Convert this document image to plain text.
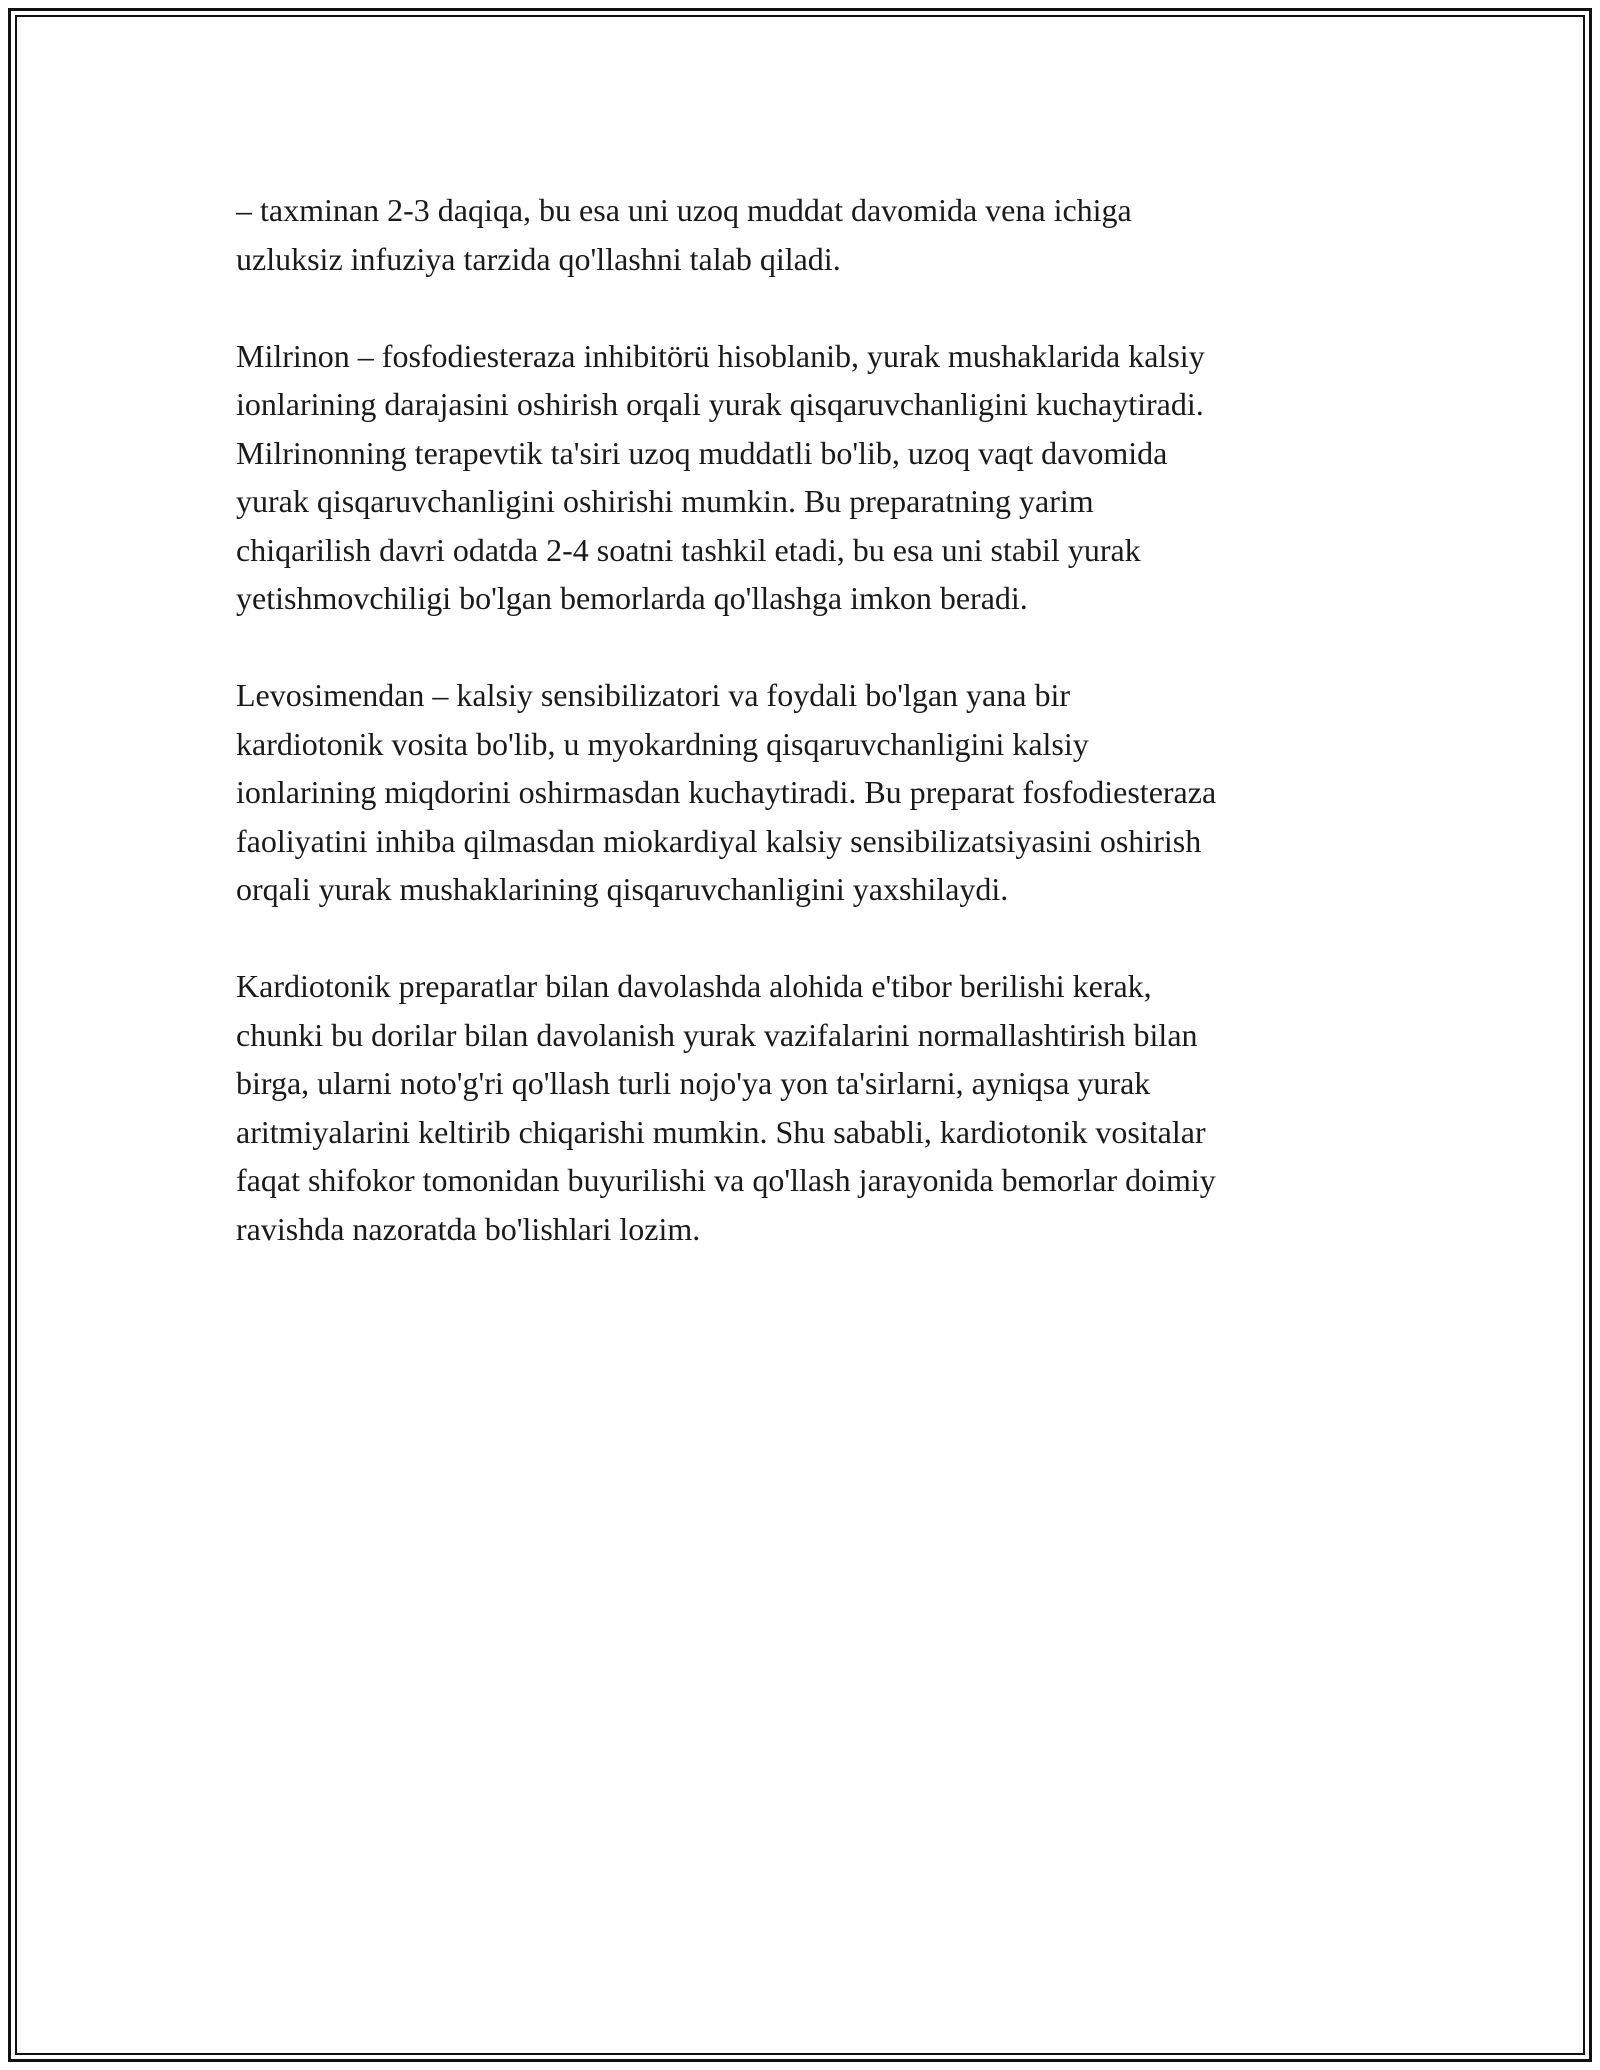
– taxminan 2-3 daqiqa, bu esa uni uzoq muddat davomida vena ichiga
uzluksiz infuziya tarzida qo'llashni talab qiladi.

Milrinon – fosfodiesteraza inhibitörü hisoblanib, yurak mushaklarida kalsiy
ionlarining darajasini oshirish orqali yurak qisqaruvchanligini kuchaytiradi.
Milrinonning terapevtik ta'siri uzoq muddatli bo'lib, uzoq vaqt davomida
yurak qisqaruvchanligini oshirishi mumkin. Bu preparatning yarim
chiqarilish davri odatda 2-4 soatni tashkil etadi, bu esa uni stabil yurak
yetishmovchiligi bo'lgan bemorlarda qo'llashga imkon beradi.

Levosimendan – kalsiy sensibilizatori va foydali bo'lgan yana bir
kardiotonik vosita bo'lib, u myokardning qisqaruvchanligini kalsiy
ionlarining miqdorini oshirmasdan kuchaytiradi. Bu preparat fosfodiesteraza
faoliyatini inhiba qilmasdan miokardiyal kalsiy sensibilizatsiyasini oshirish
orqali yurak mushaklarining qisqaruvchanligini yaxshilaydi.

Kardiotonik preparatlar bilan davolashda alohida e'tibor berilishi kerak,
chunki bu dorilar bilan davolanish yurak vazifalarini normallashtirish bilan
birga, ularni noto'g'ri qo'llash turli nojo'ya yon ta'sirlarni, ayniqsa yurak
aritmiyalarini keltirib chiqarishi mumkin. Shu sababli, kardiotonik vositalar
faqat shifokor tomonidan buyurilishi va qo'llash jarayonida bemorlar doimiy
ravishda nazoratda bo'lishlari lozim.
